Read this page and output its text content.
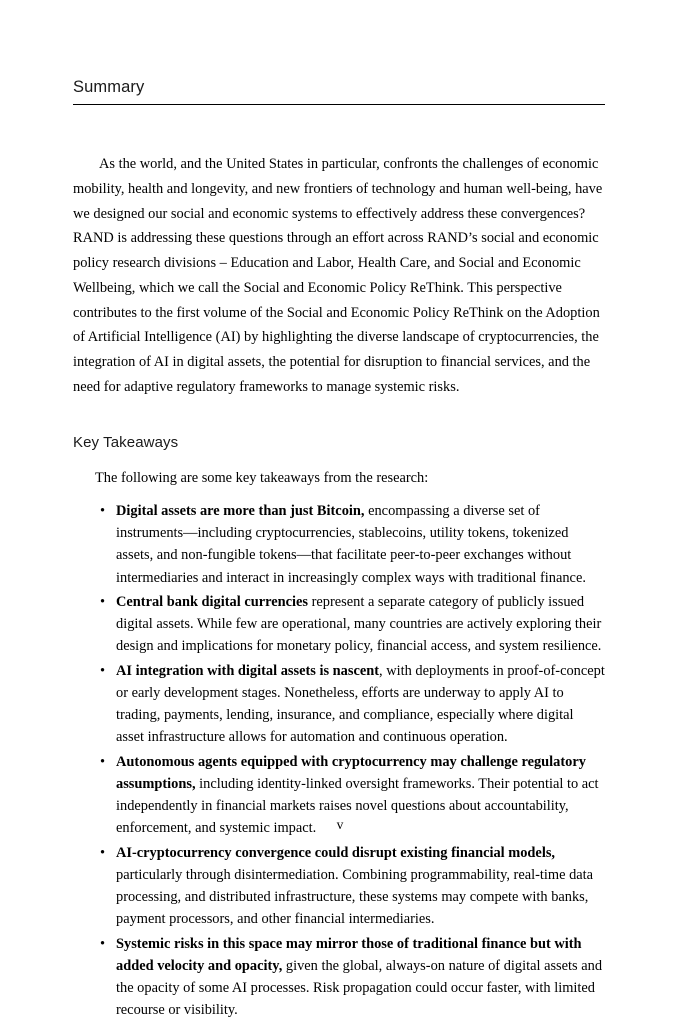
Summary

As the world, and the United States in particular, confronts the challenges of economic mobility, health and longevity, and new frontiers of technology and human well-being, have we designed our social and economic systems to effectively address these convergences? RAND is addressing these questions through an effort across RAND’s social and economic policy research divisions – Education and Labor, Health Care, and Social and Economic Wellbeing, which we call the Social and Economic Policy ReThink. This perspective contributes to the first volume of the Social and Economic Policy ReThink on the Adoption of Artificial Intelligence (AI) by highlighting the diverse landscape of cryptocurrencies, the integration of AI in digital assets, the potential for disruption to financial services, and the need for adaptive regulatory frameworks to manage systemic risks.

Key Takeaways

The following are some key takeaways from the research:

• Digital assets are more than just Bitcoin, encompassing a diverse set of instruments—including cryptocurrencies, stablecoins, utility tokens, tokenized assets, and non-fungible tokens—that facilitate peer-to-peer exchanges without intermediaries and interact in increasingly complex ways with traditional finance.
• Central bank digital currencies represent a separate category of publicly issued digital assets. While few are operational, many countries are actively exploring their design and implications for monetary policy, financial access, and system resilience.
• AI integration with digital assets is nascent, with deployments in proof-of-concept or early development stages. Nonetheless, efforts are underway to apply AI to trading, payments, lending, insurance, and compliance, especially where digital asset infrastructure allows for automation and continuous operation.
• Autonomous agents equipped with cryptocurrency may challenge regulatory assumptions, including identity-linked oversight frameworks. Their potential to act independently in financial markets raises novel questions about accountability, enforcement, and systemic impact.
• AI-cryptocurrency convergence could disrupt existing financial models, particularly through disintermediation. Combining programmability, real-time data processing, and distributed infrastructure, these systems may compete with banks, payment processors, and other financial intermediaries.
• Systemic risks in this space may mirror those of traditional finance but with added velocity and opacity, given the global, always-on nature of digital assets and the opacity of some AI processes. Risk propagation could occur faster, with limited recourse or visibility.
v
